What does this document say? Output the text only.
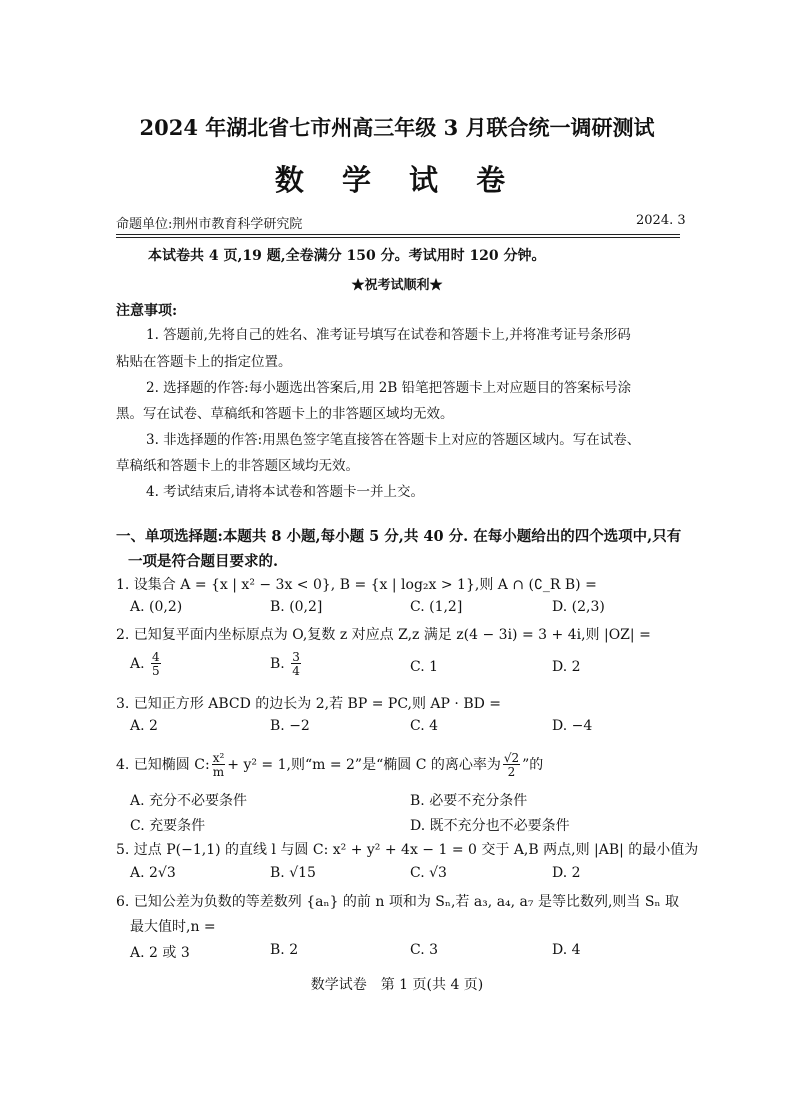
2024 年湖北省七市州高三年级 3 月联合统一调研测试
数 学 试 卷
命题单位:荆州市教育科学研究院	2024. 3
本试卷共 4 页,19 题,全卷满分 150 分。考试用时 120 分钟。
★祝考试顺利★
注意事项:
1. 答题前,先将自己的姓名、准考证号填写在试卷和答题卡上,并将准考证号条形码
粘贴在答题卡上的指定位置。
2. 选择题的作答:每小题选出答案后,用 2B 铅笔把答题卡上对应题目的答案标号涂
黑。写在试卷、草稿纸和答题卡上的非答题区域均无效。
3. 非选择题的作答:用黑色签字笔直接答在答题卡上对应的答题区域内。写在试卷、
草稿纸和答题卡上的非答题区域均无效。
4. 考试结束后,请将本试卷和答题卡一并上交。
一、单项选择题:本题共 8 小题,每小题 5 分,共 40 分. 在每小题给出的四个选项中,只有
一项是符合题目要求的.
1. 设集合 A = {x | x² − 3x < 0}, B = {x | log₂x > 1},则 A ∩ (∁_R B) =
A. (0,2)	B. (0,2]	C. (1,2]	D. (2,3)
2. 已知复平面内坐标原点为 O,复数 z 对应点 Z,z 满足 z(4 − 3i) = 3 + 4i,则 |OZ| =
A. $\frac{4}{5}$	B. $\frac{3}{4}$	C. 1	D. 2
3. 已知正方形 ABCD 的边长为 2,若 BP = PC,则 AP · BD =
A. 2	B. −2	C. 4	D. −4
4. 已知椭圆 C: $\frac{\text{x²}}{m} + y^2 = 1$,则“m = 2”是“椭圆 C 的离心率为 $\frac{√2}{2}$ ”的
A. 充分不必要条件	B. 必要不充分条件
C. 充要条件	D. 既不充分也不必要条件
5. 过点 P(−1,1) 的直线 l 与圆 C: x² + y² + 4x − 1 = 0 交于 A,B 两点,则 |AB| 的最小值为
A. 2√3	B. √15	C. √3	D. 2
6. 已知公差为负数的等差数列 {aₙ} 的前 n 项和为 Sₙ,若 a₃, a₄, a₇ 是等比数列,则当 Sₙ 取
最大值时,n =
A. 2 或 3	B. 2	C. 3	D. 4
数学试卷　第 1 页(共 4 页)
